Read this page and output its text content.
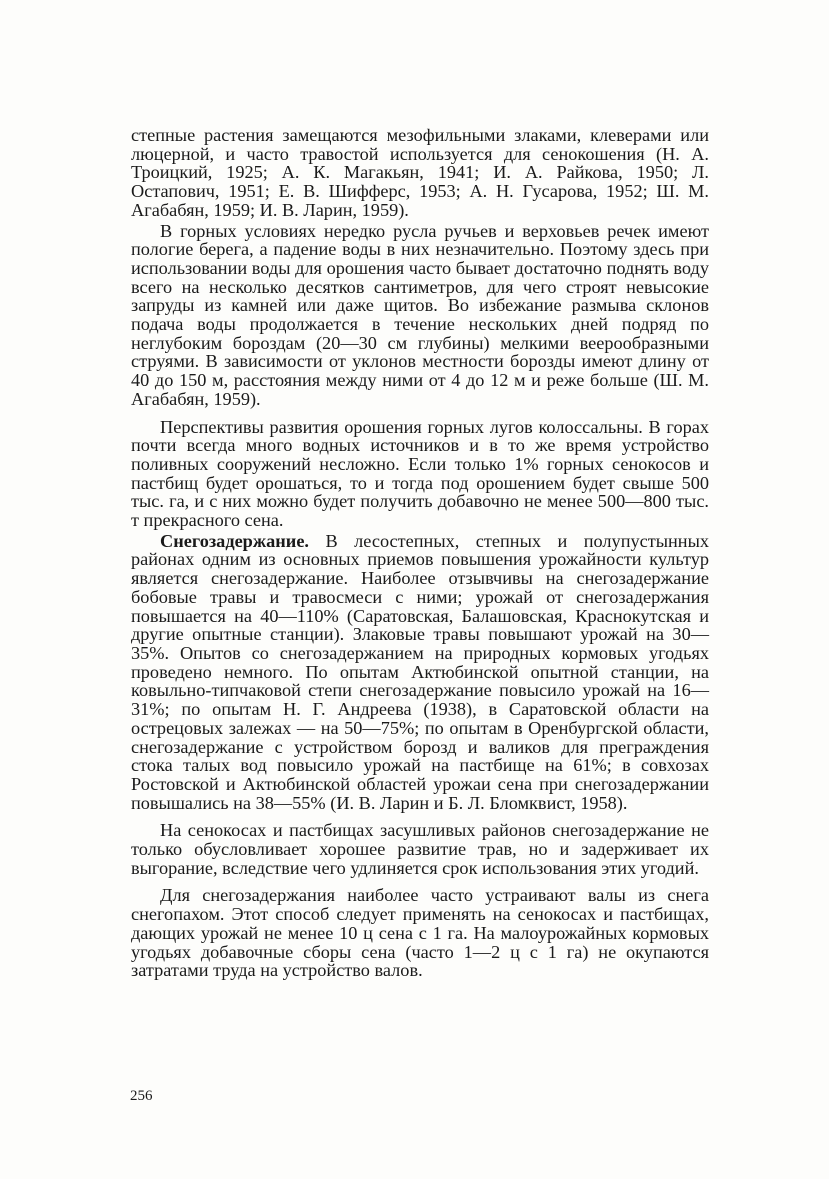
степные растения замещаются мезофильными злаками, клеверами или люцерной, и часто травостой используется для сенокошения (Н. А. Троицкий, 1925; А. К. Магакьян, 1941; И. А. Райкова, 1950; Л. Остапович, 1951; Е. В. Шифферс, 1953; А. Н. Гусарова, 1952; Ш. М. Агабабян, 1959; И. В. Ларин, 1959).

В горных условиях нередко русла ручьев и верховьев речек имеют пологие берега, а падение воды в них незначительно. Поэтому здесь при использовании воды для орошения часто бывает достаточно поднять воду всего на несколько десятков сантиметров, для чего строят невысокие запруды из камней или даже щитов. Во избежание размыва склонов подача воды продолжается в течение нескольких дней подряд по неглубоким бороздам (20—30 см глубины) мелкими веерообразными струями. В зависимости от уклонов местности борозды имеют длину от 40 до 150 м, расстояния между ними от 4 до 12 м и реже больше (Ш. М. Агабабян, 1959).

Перспективы развития орошения горных лугов колоссальны. В горах почти всегда много водных источников и в то же время устройство поливных сооружений несложно. Если только 1% горных сенокосов и пастбищ будет орошаться, то и тогда под орошением будет свыше 500 тыс. га, и с них можно будет получить добавочно не менее 500—800 тыс. т прекрасного сена.

Снегозадержание. В лесостепных, степных и полупустынных районах одним из основных приемов повышения урожайности культур является снегозадержание. Наиболее отзывчивы на снегозадержание бобовые травы и травосмеси с ними; урожай от снегозадержания повышается на 40—110% (Саратовская, Балашовская, Краснокутская и другие опытные станции). Злаковые травы повышают урожай на 30—35%. Опытов со снегозадержанием на природных кормовых угодьях проведено немного. По опытам Актюбинской опытной станции, на ковыльно-типчаковой степи снегозадержание повысило урожай на 16—31%; по опытам Н. Г. Андреева (1938), в Саратовской области на острецовых залежах — на 50—75%; по опытам в Оренбургской области, снегозадержание с устройством борозд и валиков для преграждения стока талых вод повысило урожай на пастбище на 61%; в совхозах Ростовской и Актюбинской областей урожаи сена при снегозадержании повышались на 38—55% (И. В. Ларин и Б. Л. Бломквист, 1958).

На сенокосах и пастбищах засушливых районов снегозадержание не только обусловливает хорошее развитие трав, но и задерживает их выгорание, вследствие чего удлиняется срок использования этих угодий.

Для снегозадержания наиболее часто устраивают валы из снега снегопахом. Этот способ следует применять на сенокосах и пастбищах, дающих урожай не менее 10 ц сена с 1 га. На малоурожайных кормовых угодьях добавочные сборы сена (часто 1—2 ц с 1 га) не окупаются затратами труда на устройство валов.

256
